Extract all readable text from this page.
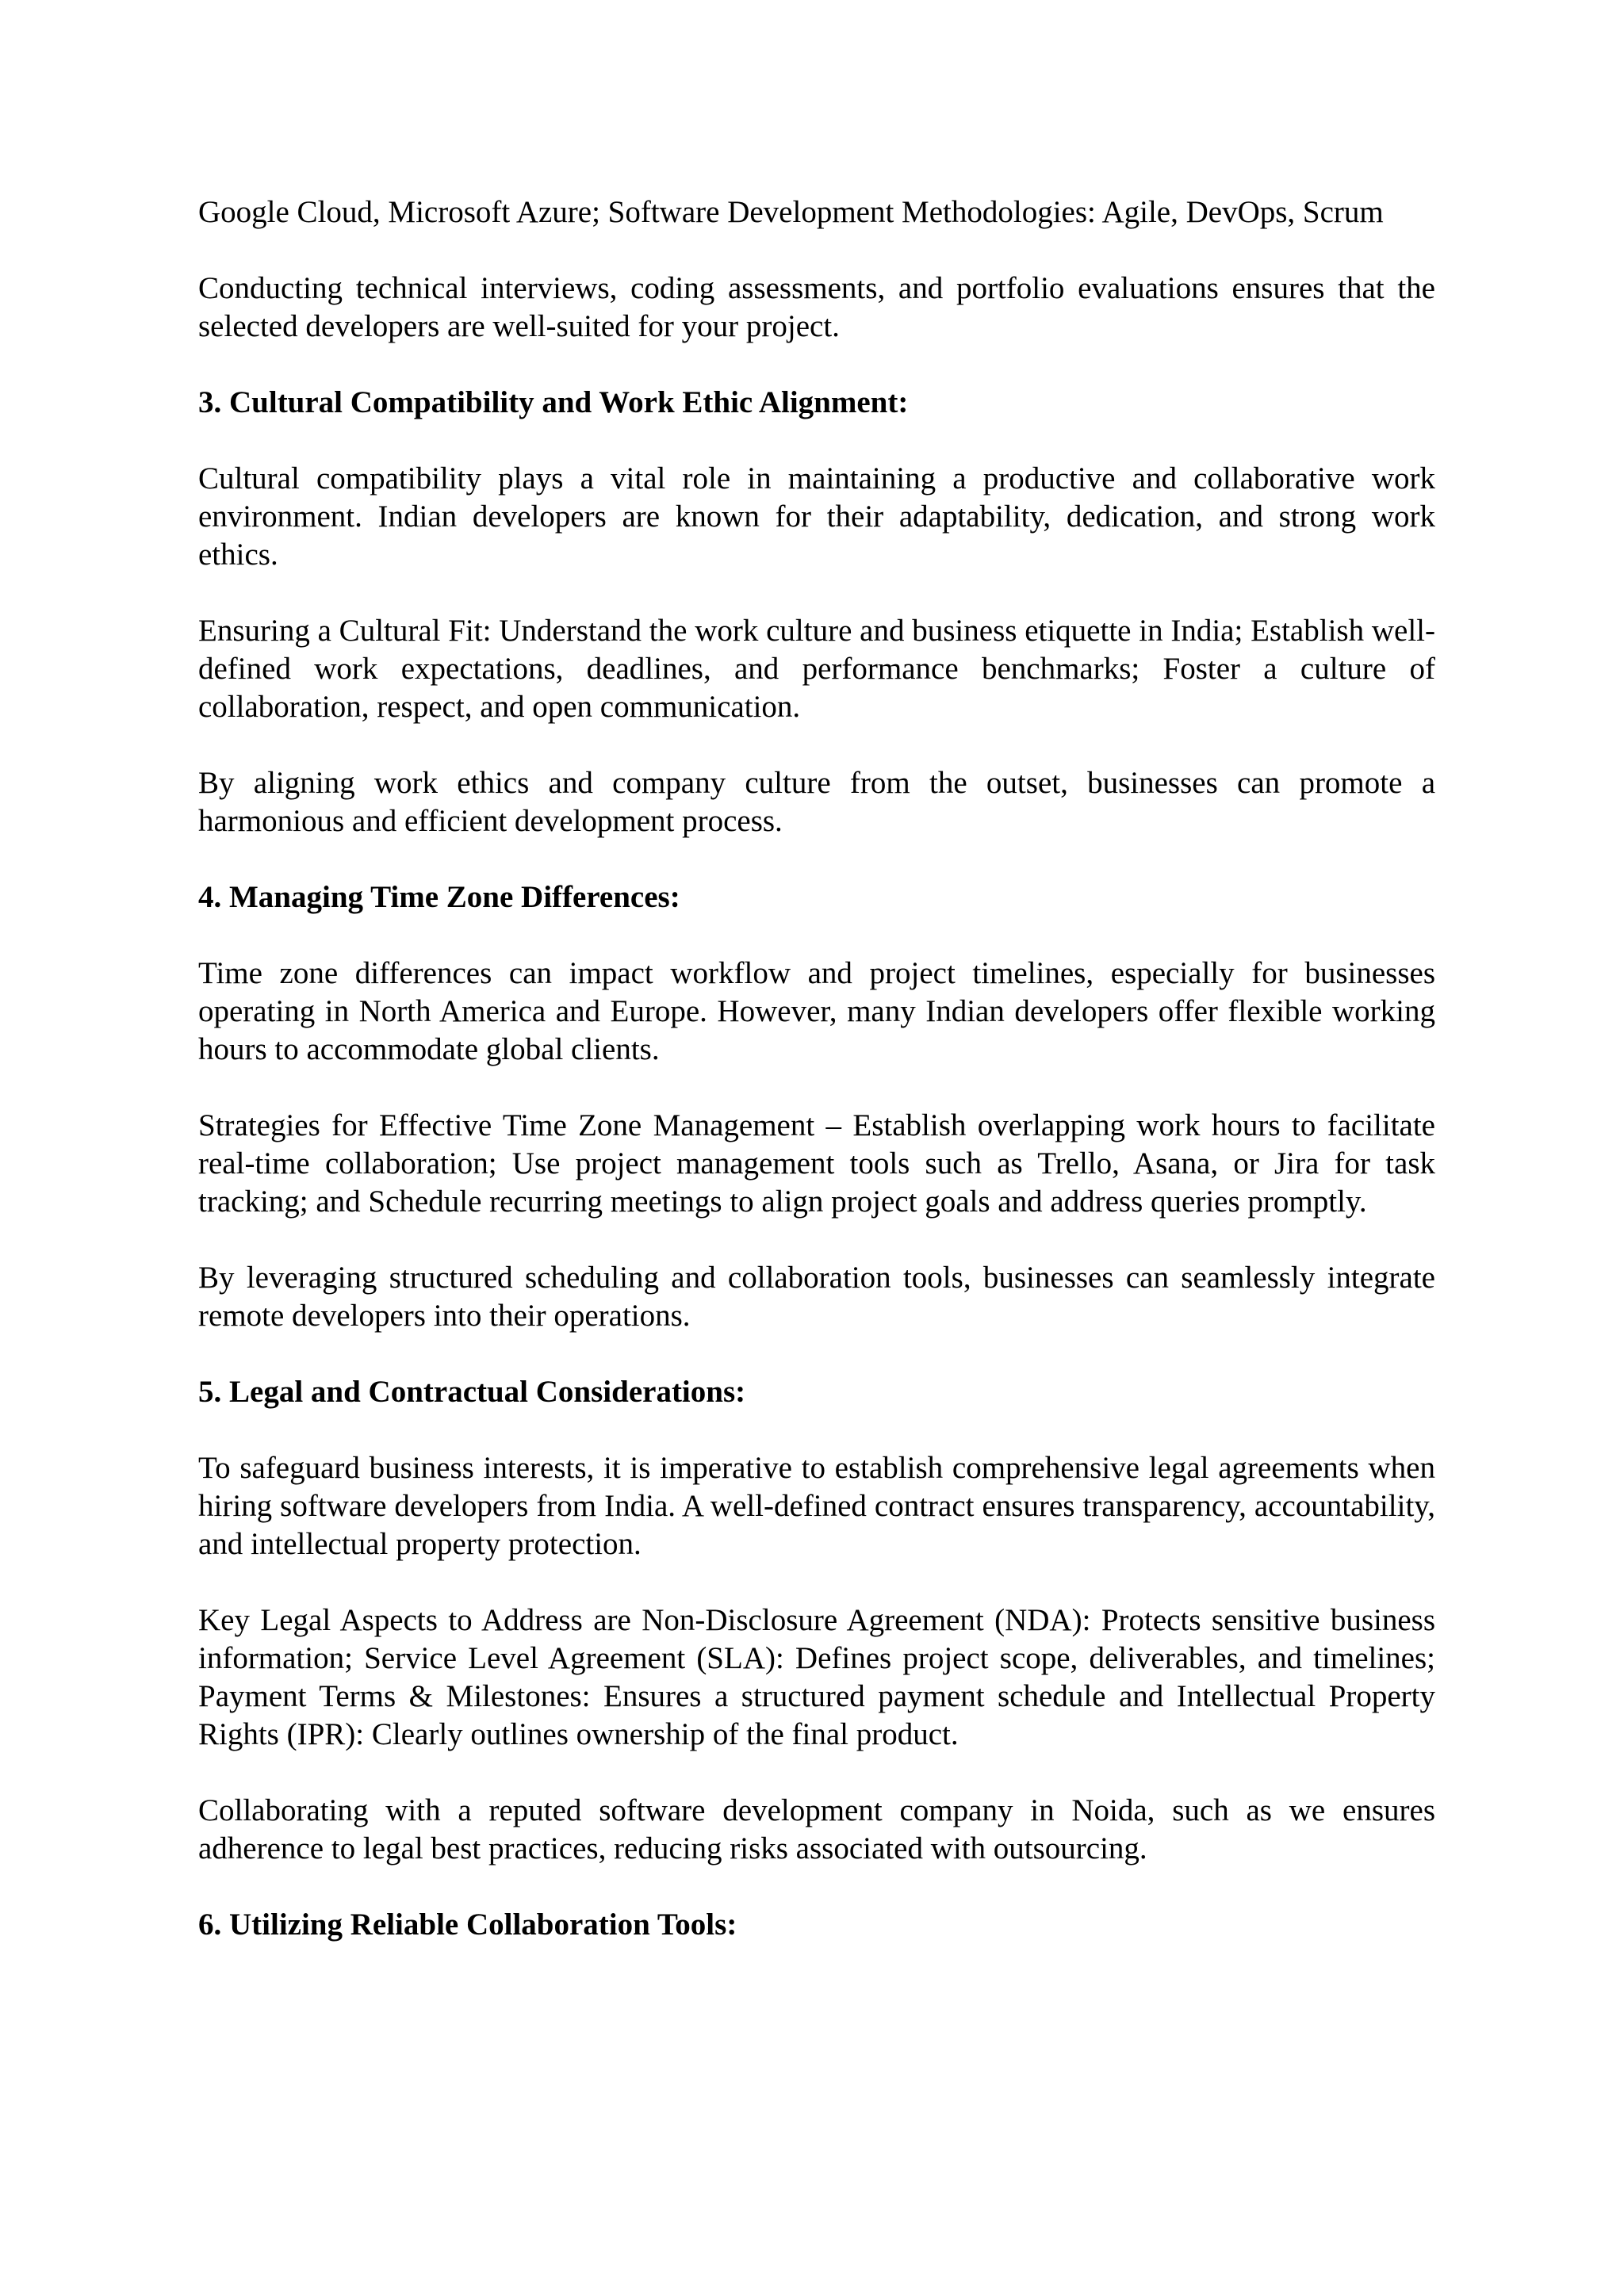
Google Cloud, Microsoft Azure; Software Development Methodologies: Agile, DevOps, Scrum

Conducting technical interviews, coding assessments, and portfolio evaluations ensures that the selected developers are well-suited for your project.

3. Cultural Compatibility and Work Ethic Alignment:

Cultural compatibility plays a vital role in maintaining a productive and collaborative work environment. Indian developers are known for their adaptability, dedication, and strong work ethics.

Ensuring a Cultural Fit: Understand the work culture and business etiquette in India; Establish well-defined work expectations, deadlines, and performance benchmarks; Foster a culture of collaboration, respect, and open communication.

By aligning work ethics and company culture from the outset, businesses can promote a harmonious and efficient development process.

4. Managing Time Zone Differences:

Time zone differences can impact workflow and project timelines, especially for businesses operating in North America and Europe. However, many Indian developers offer flexible working hours to accommodate global clients.

Strategies for Effective Time Zone Management – Establish overlapping work hours to facilitate real-time collaboration; Use project management tools such as Trello, Asana, or Jira for task tracking; and Schedule recurring meetings to align project goals and address queries promptly.

By leveraging structured scheduling and collaboration tools, businesses can seamlessly integrate remote developers into their operations.

5. Legal and Contractual Considerations:

To safeguard business interests, it is imperative to establish comprehensive legal agreements when hiring software developers from India. A well-defined contract ensures transparency, accountability, and intellectual property protection.

Key Legal Aspects to Address are Non-Disclosure Agreement (NDA): Protects sensitive business information; Service Level Agreement (SLA): Defines project scope, deliverables, and timelines; Payment Terms & Milestones: Ensures a structured payment schedule and Intellectual Property Rights (IPR): Clearly outlines ownership of the final product.

Collaborating with a reputed software development company in Noida, such as we ensures adherence to legal best practices, reducing risks associated with outsourcing.

6. Utilizing Reliable Collaboration Tools:
